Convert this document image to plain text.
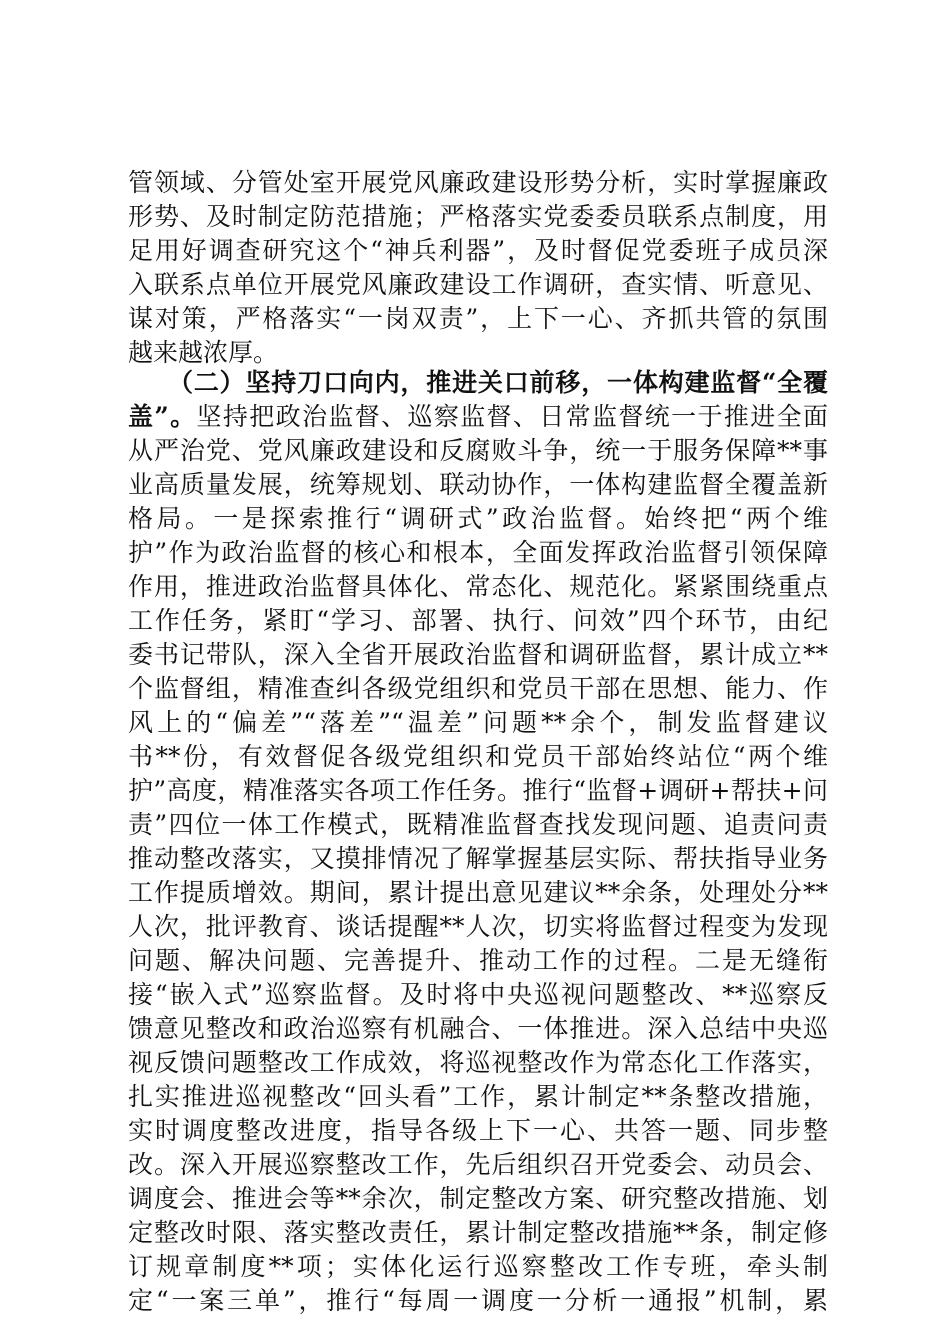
管领域、分管处室开展党风廉政建设形势分析，实时掌握廉政
形势、及时制定防范措施；严格落实党委委员联系点制度，用
足用好调查研究这个“神兵利器”，及时督促党委班子成员深
入联系点单位开展党风廉政建设工作调研，查实情、听意见、
谋对策，严格落实“一岗双责”，上下一心、齐抓共管的氛围
越来越浓厚。
（二）坚持刀口向内，推进关口前移，一体构建监督“全覆
盖”。坚持把政治监督、巡察监督、日常监督统一于推进全面
从严治党、党风廉政建设和反腐败斗争，统一于服务保障**事
业高质量发展，统筹规划、联动协作，一体构建监督全覆盖新
格局。一是探索推行“调研式”政治监督。始终把“两个维
护”作为政治监督的核心和根本，全面发挥政治监督引领保障
作用，推进政治监督具体化、常态化、规范化。紧紧围绕重点
工作任务，紧盯“学习、部署、执行、问效”四个环节，由纪
委书记带队，深入全省开展政治监督和调研监督，累计成立**
个监督组，精准查纠各级党组织和党员干部在思想、能力、作
风上的“偏差”“落差”“温差”问题**余个，制发监督建议
书**份，有效督促各级党组织和党员干部始终站位“两个维
护”高度，精准落实各项工作任务。推行“监督+调研+帮扶+问
责”四位一体工作模式，既精准监督查找发现问题、追责问责
推动整改落实，又摸排情况了解掌握基层实际、帮扶指导业务
工作提质增效。期间，累计提出意见建议**余条，处理处分**
人次，批评教育、谈话提醒**人次，切实将监督过程变为发现
问题、解决问题、完善提升、推动工作的过程。二是无缝衔
接“嵌入式”巡察监督。及时将中央巡视问题整改、**巡察反
馈意见整改和政治巡察有机融合、一体推进。深入总结中央巡
视反馈问题整改工作成效，将巡视整改作为常态化工作落实，
扎实推进巡视整改“回头看”工作，累计制定**条整改措施，
实时调度整改进度，指导各级上下一心、共答一题、同步整
改。深入开展巡察整改工作，先后组织召开党委会、动员会、
调度会、推进会等**余次，制定整改方案、研究整改措施、划
定整改时限、落实整改责任，累计制定整改措施**条，制定修
订规章制度**项；实体化运行巡察整改工作专班，牵头制
定“一案三单”，推行“每周一调度一分析一通报”机制，累
